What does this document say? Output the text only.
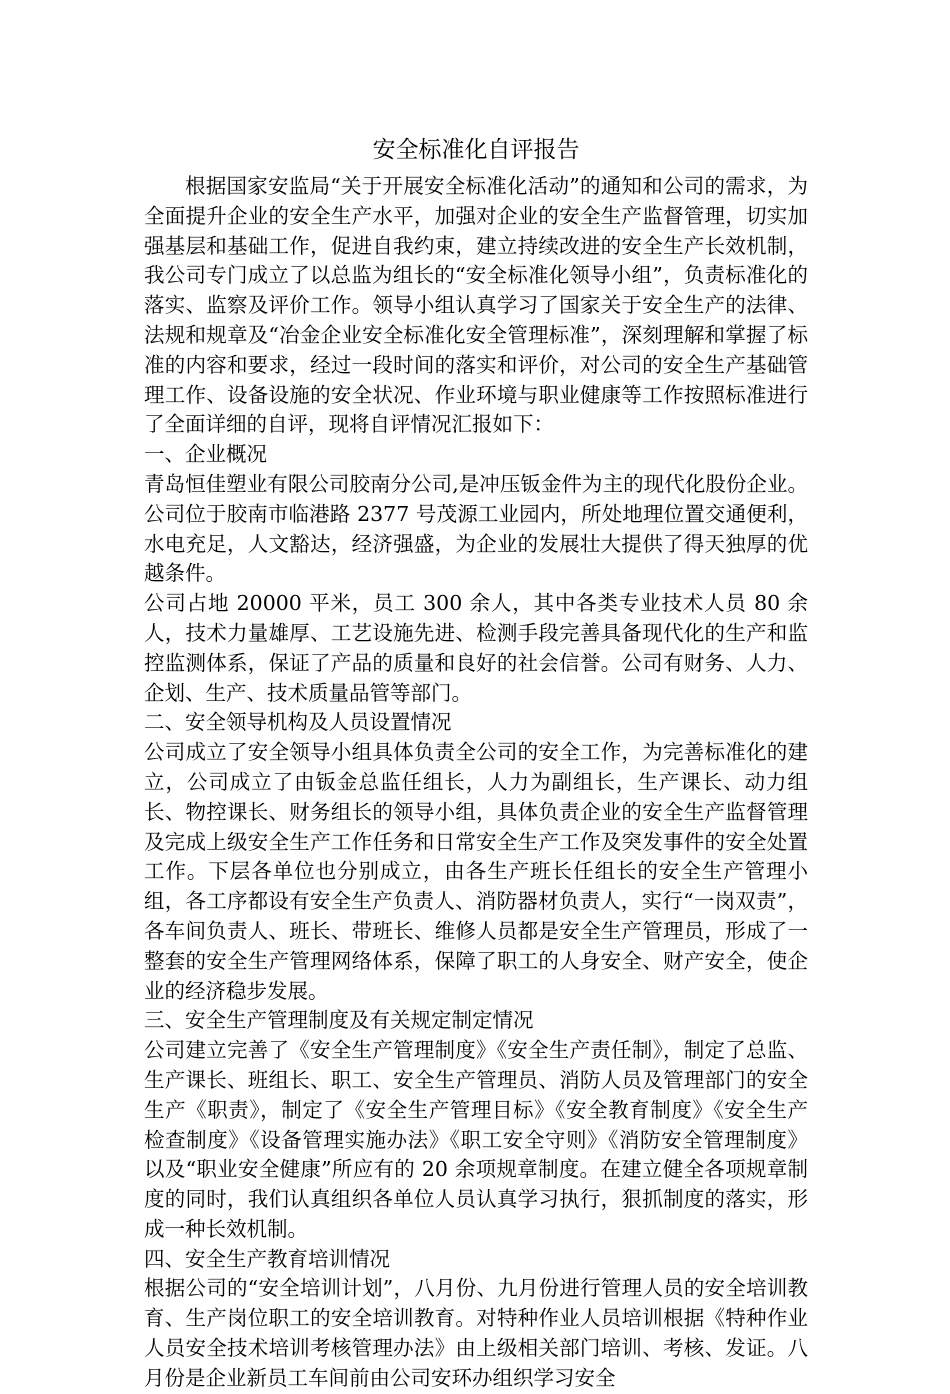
安全标准化自评报告

根据国家安监局“关于开展安全标准化活动”的通知和公司的需求，为全面提升企业的安全生产水平，加强对企业的安全生产监督管理，切实加强基层和基础工作，促进自我约束，建立持续改进的安全生产长效机制，我公司专门成立了以总监为组长的“安全标准化领导小组”，负责标准化的落实、监察及评价工作。领导小组认真学习了国家关于安全生产的法律、法规和规章及“冶金企业安全标准化安全管理标准”，深刻理解和掌握了标准的内容和要求，经过一段时间的落实和评价，对公司的安全生产基础管理工作、设备设施的安全状况、作业环境与职业健康等工作按照标准进行了全面详细的自评，现将自评情况汇报如下：

一、企业概况

青岛恒佳塑业有限公司胶南分公司,是冲压钣金件为主的现代化股份企业。公司位于胶南市临港路 2377 号茂源工业园内，所处地理位置交通便利，水电充足，人文豁达，经济强盛，为企业的发展壮大提供了得天独厚的优越条件。

公司占地 20000 平米，员工 300 余人，其中各类专业技术人员 80 余人，技术力量雄厚、工艺设施先进、检测手段完善具备现代化的生产和监控监测体系，保证了产品的质量和良好的社会信誉。公司有财务、人力、企划、生产、技术质量品管等部门。

二、安全领导机构及人员设置情况

公司成立了安全领导小组具体负责全公司的安全工作，为完善标准化的建立，公司成立了由钣金总监任组长，人力为副组长，生产课长、动力组长、物控课长、财务组长的领导小组，具体负责企业的安全生产监督管理及完成上级安全生产工作任务和日常安全生产工作及突发事件的安全处置工作。下层各单位也分别成立，由各生产班长任组长的安全生产管理小组，各工序都设有安全生产负责人、消防器材负责人，实行“一岗双责”，各车间负责人、班长、带班长、维修人员都是安全生产管理员，形成了一整套的安全生产管理网络体系，保障了职工的人身安全、财产安全，使企业的经济稳步发展。

三、安全生产管理制度及有关规定制定情况

公司建立完善了《安全生产管理制度》《安全生产责任制》，制定了总监、生产课长、班组长、职工、安全生产管理员、消防人员及管理部门的安全生产《职责》，制定了《安全生产管理目标》《安全教育制度》《安全生产检查制度》《设备管理实施办法》《职工安全守则》《消防安全管理制度》以及“职业安全健康”所应有的 20 余项规章制度。在建立健全各项规章制度的同时，我们认真组织各单位人员认真学习执行，狠抓制度的落实，形成一种长效机制。

四、安全生产教育培训情况

根据公司的“安全培训计划”，八月份、九月份进行管理人员的安全培训教育、生产岗位职工的安全培训教育。对特种作业人员培训根据《特种作业人员安全技术培训考核管理办法》由上级相关部门培训、考核、发证。八月份是企业新员工车间前由公司安环办组织学习安全
